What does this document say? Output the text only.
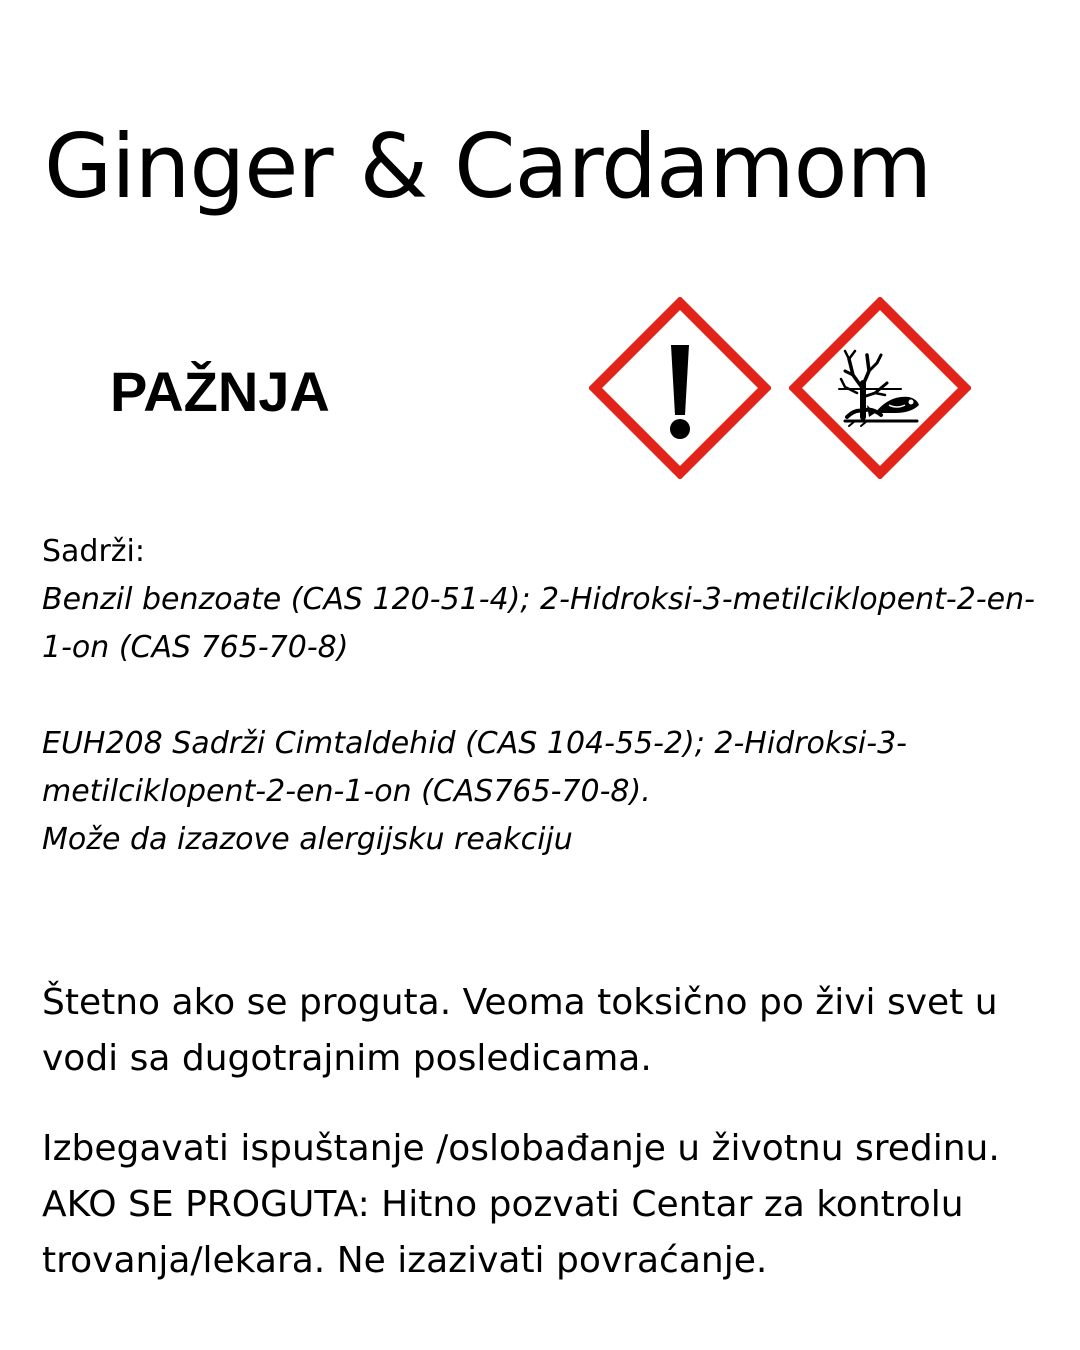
Ginger & Cardamom
PAŽNJA
Sadrži:
Benzil benzoate (CAS 120-51-4); 2-Hidroksi-3-metilciklopent-2-en-
1-on (CAS 765-70-8)
EUH208 Sadrži Cimtaldehid (CAS 104-55-2); 2-Hidroksi-3-
metilciklopent-2-en-1-on (CAS765-70-8).
Može da izazove alergijsku reakciju

Štetno ako se proguta. Veoma toksično po živi svet u
vodi sa dugotrajnim posledicama.

Izbegavati ispuštanje /oslobađanje u životnu sredinu.
AKO SE PROGUTA: Hitno pozvati Centar za kontrolu
trovanja/lekara. Ne izazivati povraćanje.
